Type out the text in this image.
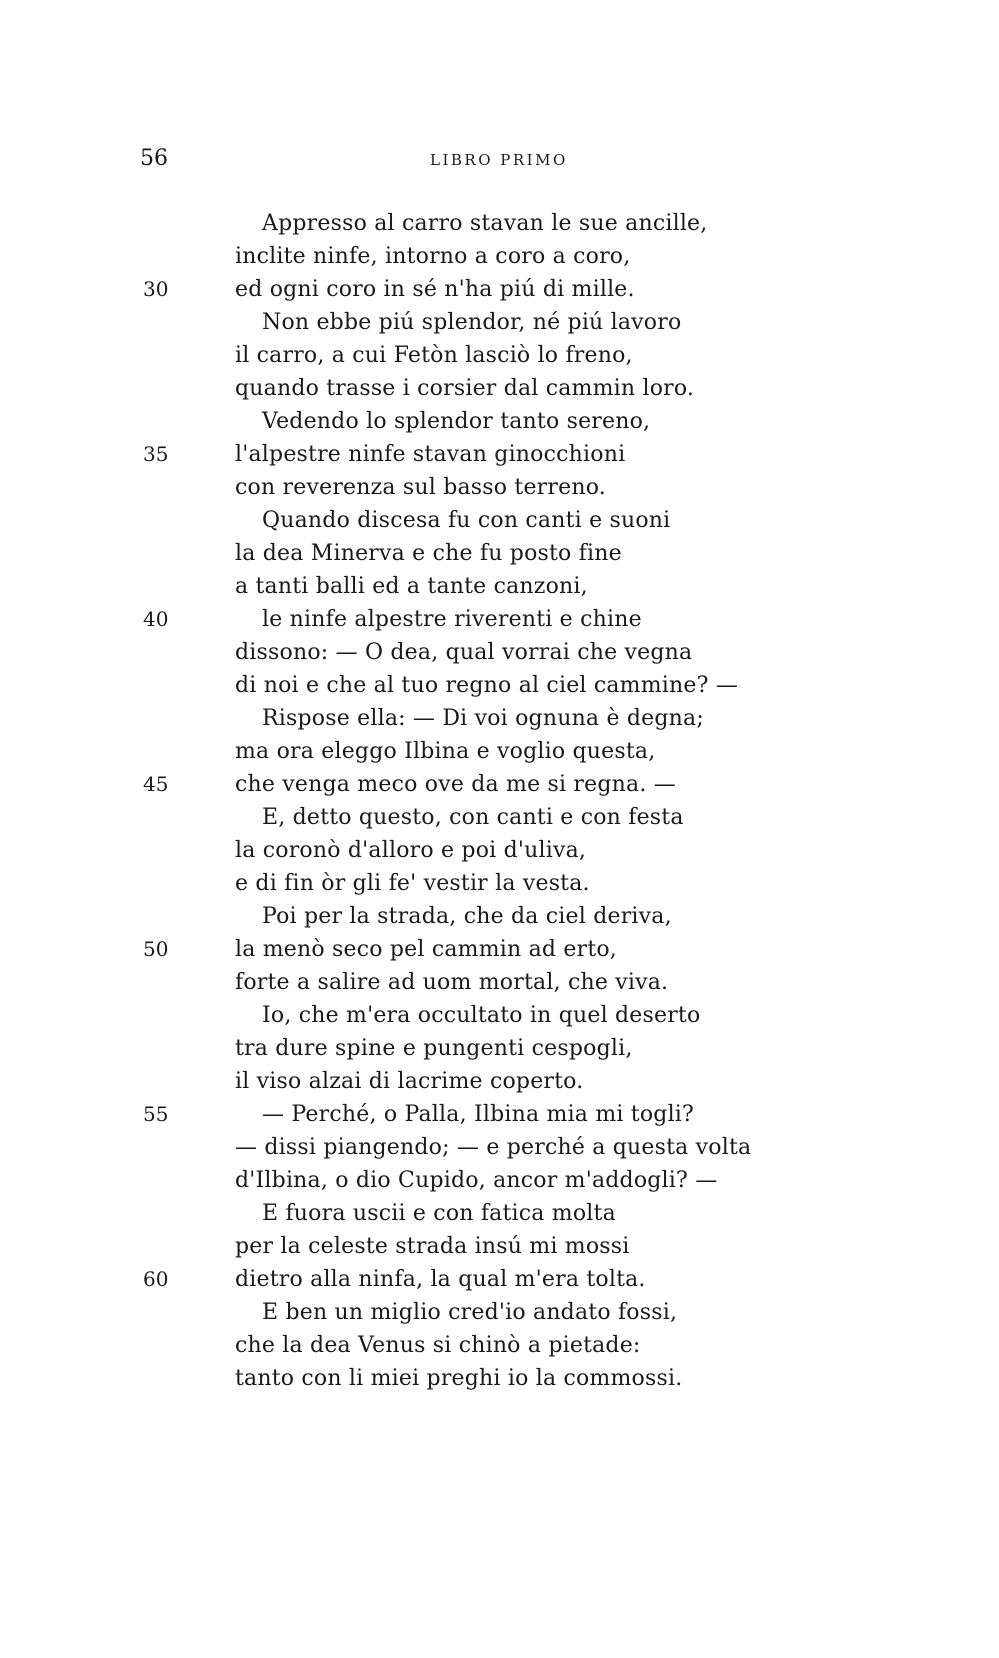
56	LIBRO PRIMO
Appresso al carro stavan le sue ancille,
inclite ninfe, intorno a coro a coro,
30	ed ogni coro in sé n'ha piú di mille.
Non ebbe piú splendor, né piú lavoro
il carro, a cui Fetòn lasciò lo freno,
quando trasse i corsier dal cammin loro.
Vedendo lo splendor tanto sereno,
35	l'alpestre ninfe stavan ginocchioni
con reverenza sul basso terreno.
Quando discesa fu con canti e suoni
la dea Minerva e che fu posto fine
a tanti balli ed a tante canzoni,
40	le ninfe alpestre riverenti e chine
dissono: — O dea, qual vorrai che vegna
di noi e che al tuo regno al ciel cammine? —
Rispose ella: — Di voi ognuna è degna;
ma ora eleggo Ilbina e voglio questa,
45	che venga meco ove da me si regna. —
E, detto questo, con canti e con festa
la coronò d'alloro e poi d'uliva,
e di fin òr gli fe' vestir la vesta.
Poi per la strada, che da ciel deriva,
50	la menò seco pel cammin ad erto,
forte a salire ad uom mortal, che viva.
Io, che m'era occultato in quel deserto
tra dure spine e pungenti cespogli,
il viso alzai di lacrime coperto.
55	— Perché, o Palla, Ilbina mia mi togli?
— dissi piangendo; — e perché a questa volta
d'Ilbina, o dio Cupido, ancor m'addogli? —
E fuora uscii e con fatica molta
per la celeste strada insú mi mossi
60	dietro alla ninfa, la qual m'era tolta.
E ben un miglio cred'io andato fossi,
che la dea Venus si chinò a pietade:
tanto con li miei preghi io la commossi.
